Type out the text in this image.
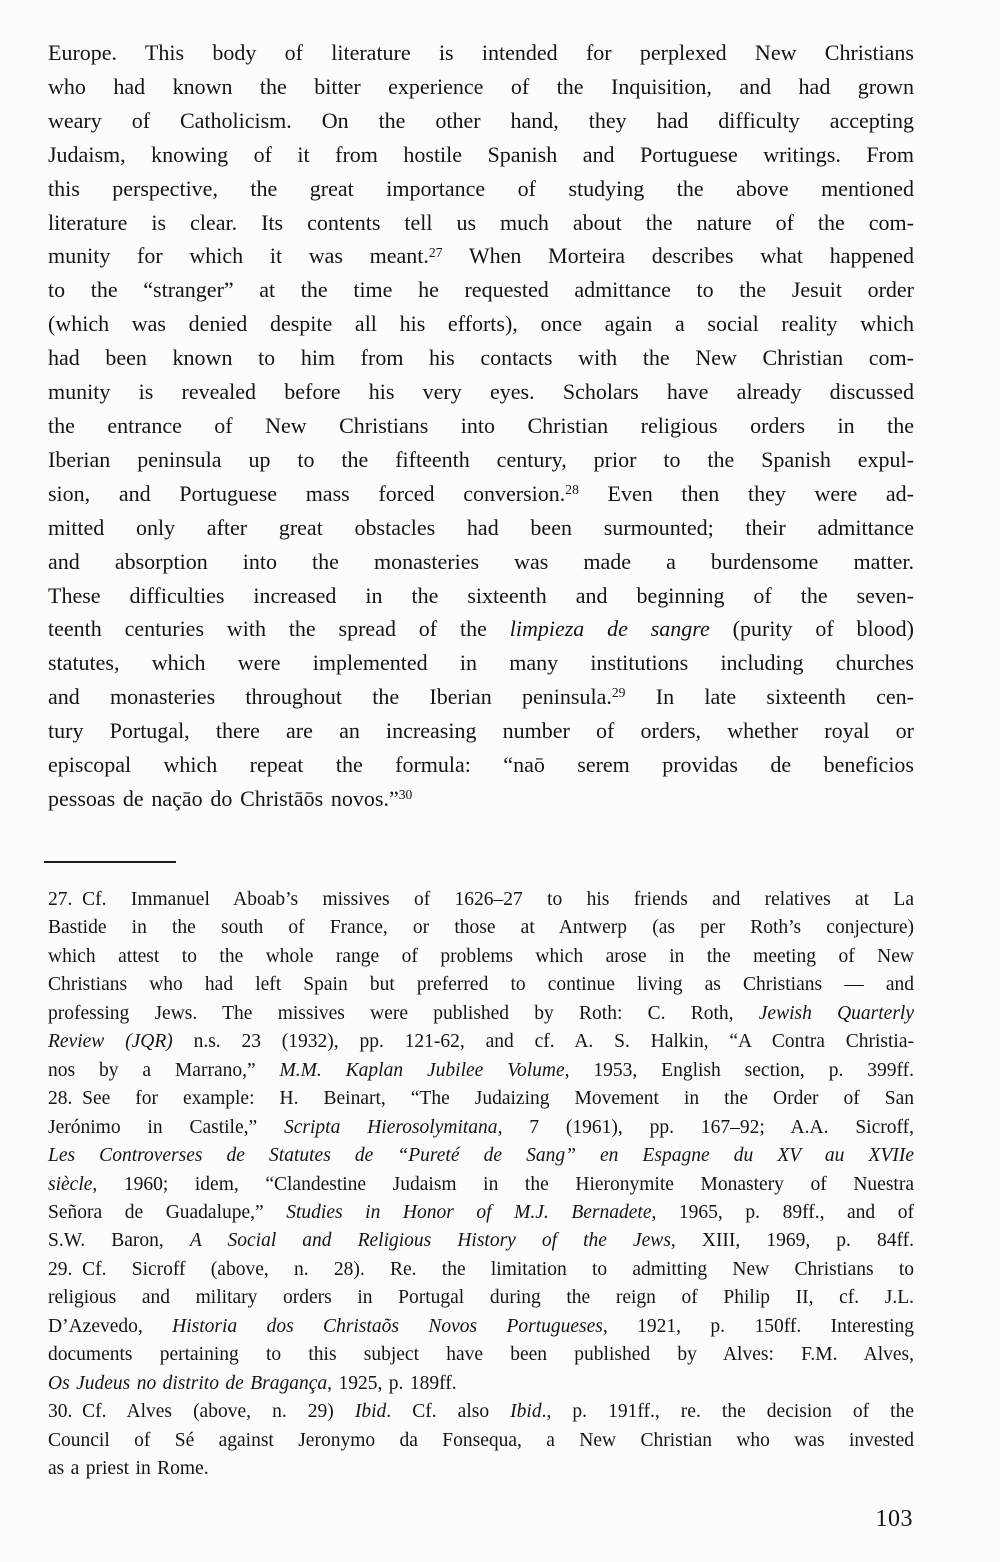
Europe. This body of literature is intended for perplexed New Christians
who had known the bitter experience of the Inquisition, and had grown
weary of Catholicism. On the other hand, they had difficulty accepting
Judaism, knowing of it from hostile Spanish and Portuguese writings. From
this perspective, the great importance of studying the above mentioned
literature is clear. Its contents tell us much about the nature of the com-
munity for which it was meant.$^{27}$ When Morteira describes what happened
to the “stranger” at the time he requested admittance to the Jesuit order
(which was denied despite all his efforts), once again a social reality which
had been known to him from his contacts with the New Christian com-
munity is revealed before his very eyes. Scholars have already discussed
the entrance of New Christians into Christian religious orders in the
Iberian peninsula up to the fifteenth century, prior to the Spanish expul-
sion, and Portuguese mass forced conversion.$^{28}$ Even then they were ad-
mitted only after great obstacles had been surmounted; their admittance
and absorption into the monasteries was made a burdensome matter.
These difficulties increased in the sixteenth and beginning of the seven-
teenth centuries with the spread of the limpieza de sangre (purity of blood)
statutes, which were implemented in many institutions including churches
and monasteries throughout the Iberian peninsula.$^{29}$ In late sixteenth cen-
tury Portugal, there are an increasing number of orders, whether royal or
episcopal which repeat the formula: “naō serem providas de beneficios
pessoas de naçāo do Christāōs novos.”$^{30}$
27. Cf. Immanuel Aboab’s missives of 1626–27 to his friends and relatives at La
Bastide in the south of France, or those at Antwerp (as per Roth’s conjecture)
which attest to the whole range of problems which arose in the meeting of New
Christians who had left Spain but preferred to continue living as Christians — and
professing Jews. The missives were published by Roth: C. Roth, Jewish Quarterly
Review (JQR) n.s. 23 (1932), pp. 121-62, and cf. A. S. Halkin, “A Contra Christia-
nos by a Marrano,” M.M. Kaplan Jubilee Volume, 1953, English section, p. 399ff.
28. See for example: H. Beinart, “The Judaizing Movement in the Order of San
Jerónimo in Castile,” Scripta Hierosolymitana, 7 (1961), pp. 167–92; A.A. Sicroff,
Les Controverses de Statutes de “Pureté de Sang” en Espagne du XV au XVIIe
siècle, 1960; idem, “Clandestine Judaism in the Hieronymite Monastery of Nuestra
Señora de Guadalupe,” Studies in Honor of M.J. Bernadete, 1965, p. 89ff., and of
S.W. Baron, A Social and Religious History of the Jews, XIII, 1969, p. 84ff.
29. Cf. Sicroff (above, n. 28). Re. the limitation to admitting New Christians to
religious and military orders in Portugal during the reign of Philip II, cf. J.L.
D’Azevedo, Historia dos Christaõs Novos Portugueses, 1921, p. 150ff. Interesting
documents pertaining to this subject have been published by Alves: F.M. Alves,
Os Judeus no distrito de Bragança, 1925, p. 189ff.
30. Cf. Alves (above, n. 29) Ibid. Cf. also Ibid., p. 191ff., re. the decision of the
Council of Sé against Jeronymo da Fonsequa, a New Christian who was invested
as a priest in Rome.
103
